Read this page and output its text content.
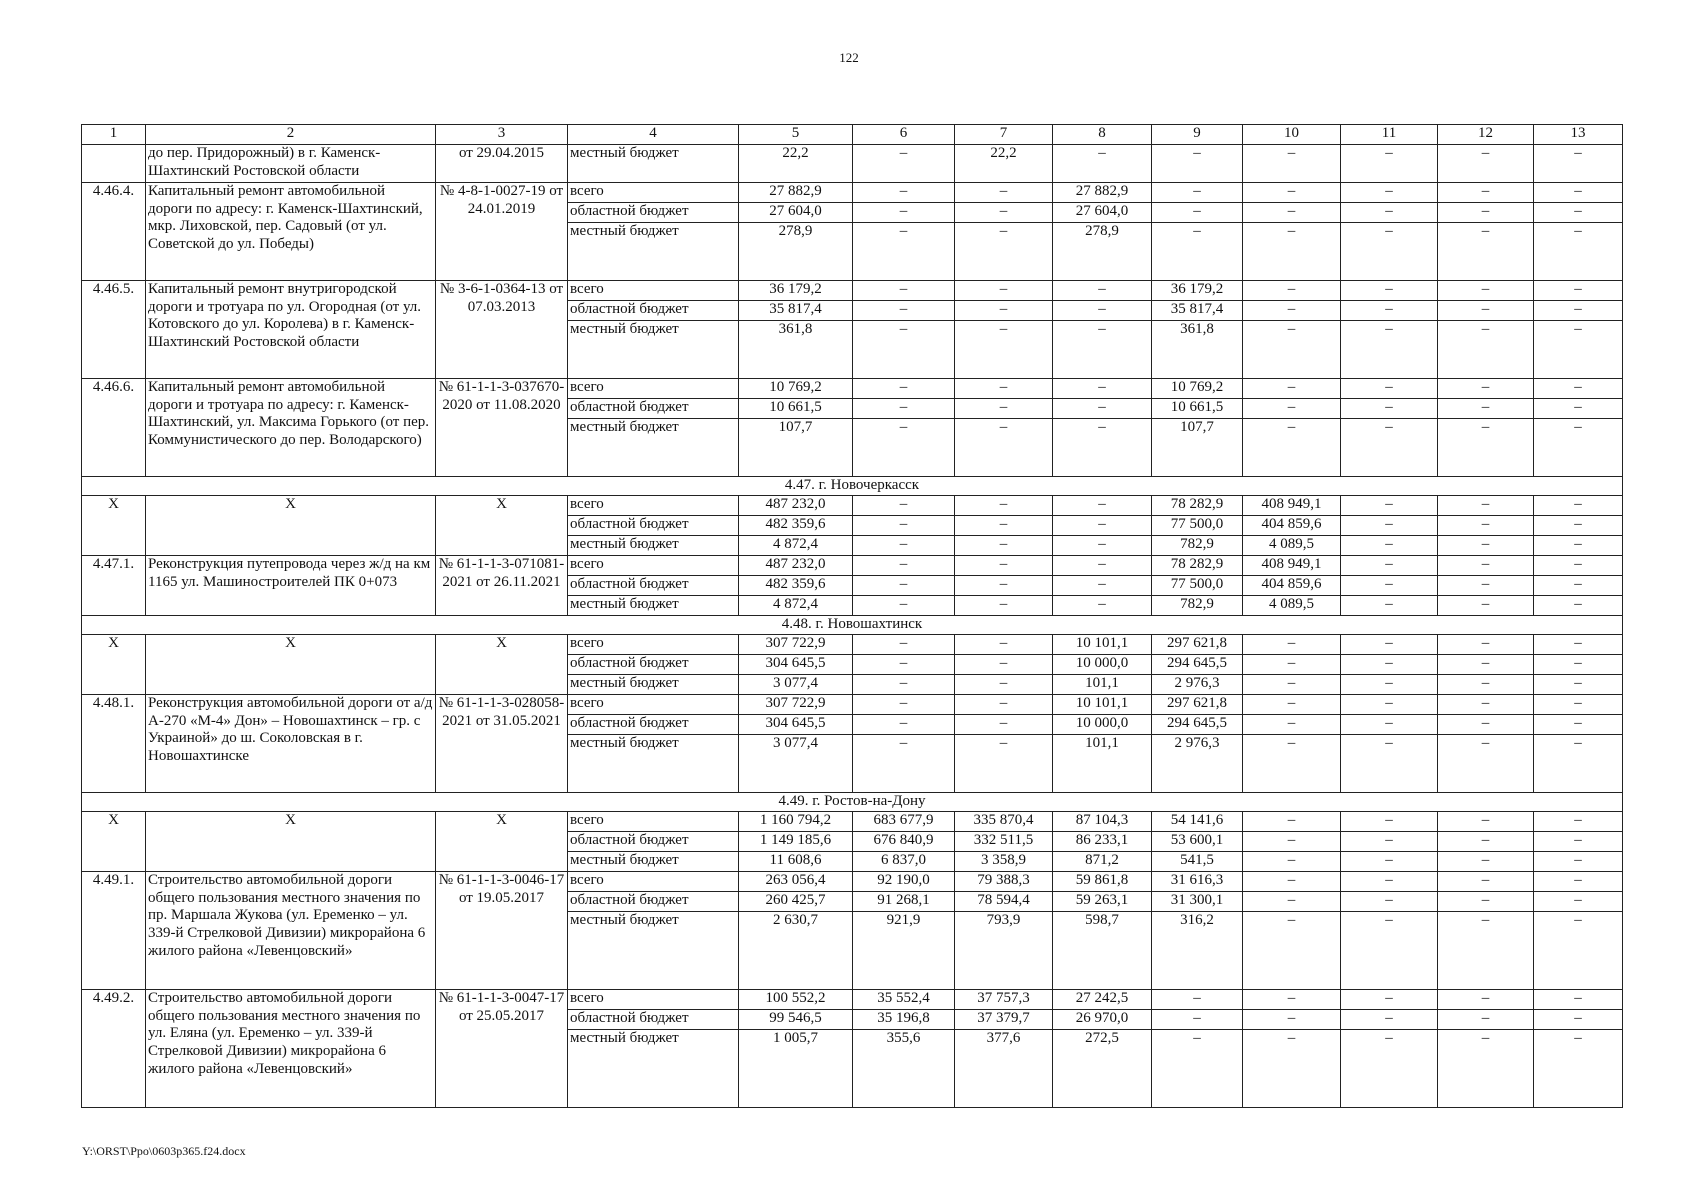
122
1	2	3	4	5	6	7	8	9	10	11	12	13
	до пер. Придорожный) в г. Каменск-Шахтинский Ростовской области	от 29.04.2015	местный бюджет	22,2	–	22,2	–	–	–	–	–	–
4.46.4.	Капитальный ремонт автомобильной дороги по адресу: г. Каменск-Шахтинский, мкр. Лиховской, пер. Садовый (от ул. Советской до ул. Победы)	№ 4-8-1-0027-19 от 24.01.2019	всего	27 882,9	–	–	27 882,9	–	–	–	–	–
			областной бюджет	27 604,0	–	–	27 604,0	–	–	–	–	–
			местный бюджет	278,9	–	–	278,9	–	–	–	–	–
4.46.5.	Капитальный ремонт внутригородской дороги и тротуара по ул. Огородная (от ул. Котовского до ул. Королева) в г. Каменск-Шахтинский Ростовской области	№ 3-6-1-0364-13 от 07.03.2013	всего	36 179,2	–	–	–	36 179,2	–	–	–	–
			областной бюджет	35 817,4	–	–	–	35 817,4	–	–	–	–
			местный бюджет	361,8	–	–	–	361,8	–	–	–	–
4.46.6.	Капитальный ремонт автомобильной дороги и тротуара по адресу: г. Каменск-Шахтинский, ул. Максима Горького (от пер. Коммунистического до пер. Володарского)	№ 61-1-1-3-037670-2020 от 11.08.2020	всего	10 769,2	–	–	–	10 769,2	–	–	–	–
			областной бюджет	10 661,5	–	–	–	10 661,5	–	–	–	–
			местный бюджет	107,7	–	–	–	107,7	–	–	–	–
4.47. г. Новочеркасск												
Х	Х	Х	всего	487 232,0	–	–	–	78 282,9	408 949,1	–	–	–
			областной бюджет	482 359,6	–	–	–	77 500,0	404 859,6	–	–	–
			местный бюджет	4 872,4	–	–	–	782,9	4 089,5	–	–	–
4.47.1.	Реконструкция путепровода через ж/д на км 1165 ул. Машиностроителей ПК 0+073	№ 61-1-1-3-071081-2021 от 26.11.2021	всего	487 232,0	–	–	–	78 282,9	408 949,1	–	–	–
			областной бюджет	482 359,6	–	–	–	77 500,0	404 859,6	–	–	–
			местный бюджет	4 872,4	–	–	–	782,9	4 089,5	–	–	–
4.48. г. Новошахтинск												
Х	Х	Х	всего	307 722,9	–	–	10 101,1	297 621,8	–	–	–	–
			областной бюджет	304 645,5	–	–	10 000,0	294 645,5	–	–	–	–
			местный бюджет	3 077,4	–	–	101,1	2 976,3	–	–	–	–
4.48.1.	Реконструкция автомобильной дороги от а/д А-270 «М-4» Дон» – Новошахтинск – гр. с Украиной» до ш. Соколовская в г. Новошахтинске	№ 61-1-1-3-028058-2021 от 31.05.2021	всего	307 722,9	–	–	10 101,1	297 621,8	–	–	–	–
			областной бюджет	304 645,5	–	–	10 000,0	294 645,5	–	–	–	–
			местный бюджет	3 077,4	–	–	101,1	2 976,3	–	–	–	–
4.49. г. Ростов-на-Дону												
Х	Х	Х	всего	1 160 794,2	683 677,9	335 870,4	87 104,3	54 141,6	–	–	–	–
			областной бюджет	1 149 185,6	676 840,9	332 511,5	86 233,1	53 600,1	–	–	–	–
			местный бюджет	11 608,6	6 837,0	3 358,9	871,2	541,5	–	–	–	–
4.49.1.	Строительство автомобильной дороги общего пользования местного значения по пр. Маршала Жукова (ул. Еременко – ул. 339-й Стрелковой Дивизии) микрорайона 6 жилого района «Левенцовский»	№ 61-1-1-3-0046-17 от 19.05.2017	всего	263 056,4	92 190,0	79 388,3	59 861,8	31 616,3	–	–	–	–
			областной бюджет	260 425,7	91 268,1	78 594,4	59 263,1	31 300,1	–	–	–	–
			местный бюджет	2 630,7	921,9	793,9	598,7	316,2	–	–	–	–
4.49.2.	Строительство автомобильной дороги общего пользования местного значения по ул. Еляна (ул. Еременко – ул. 339-й Стрелковой Дивизии) микрорайона 6 жилого района «Левенцовский»	№ 61-1-1-3-0047-17 от 25.05.2017	всего	100 552,2	35 552,4	37 757,3	27 242,5	–	–	–	–	–
			областной бюджет	99 546,5	35 196,8	37 379,7	26 970,0	–	–	–	–	–
			местный бюджет	1 005,7	355,6	377,6	272,5	–	–	–	–	–
Y:\ORST\Ppo\0603p365.f24.docx
